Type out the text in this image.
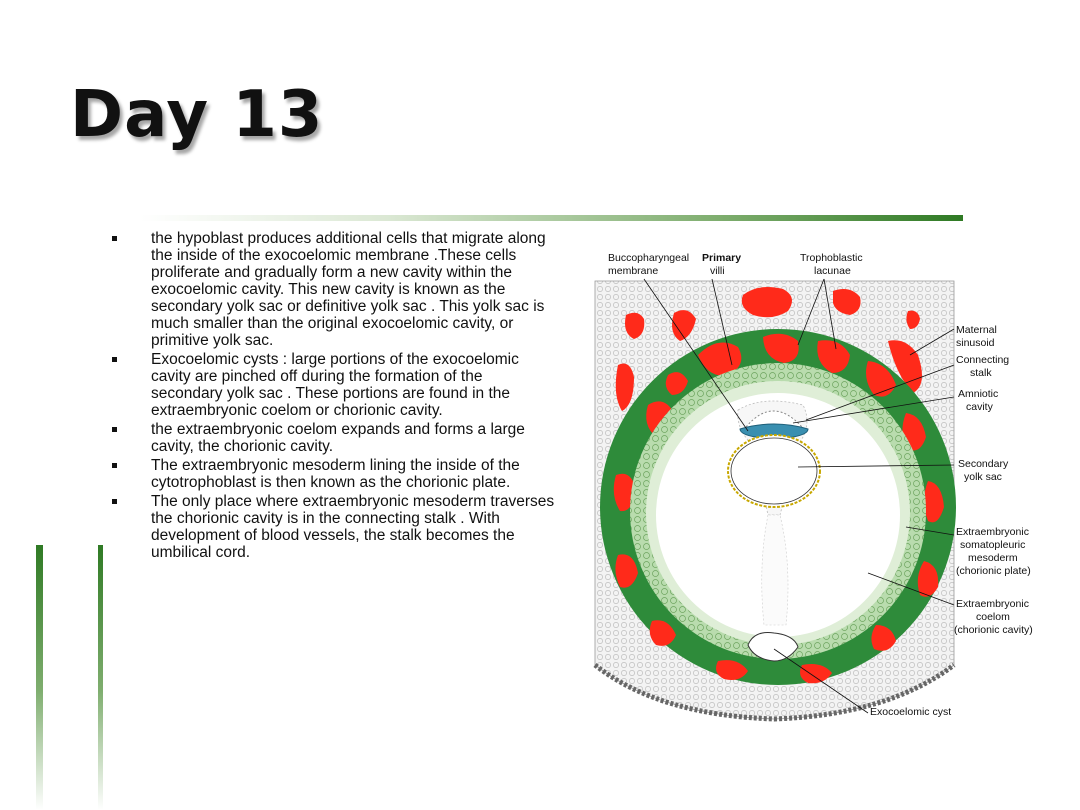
Day 13
the hypoblast produces additional cells that migrate along the inside of the exocoelomic membrane .These cells proliferate and gradually form a new cavity within the exocoelomic cavity. This new cavity is known as the secondary yolk sac or definitive yolk sac . This yolk sac is much smaller than the original exocoelomic cavity, or primitive yolk sac.
Exocoelomic cysts : large portions of the exocoelomic cavity are pinched off during the formation of the secondary yolk sac . These portions are found in the extraembryonic coelom or chorionic cavity.
the extraembryonic coelom expands and forms a large cavity, the chorionic cavity.
The extraembryonic mesoderm lining the inside of the cytotrophoblast is then known as the chorionic plate.
The only place where extraembryonic mesoderm traverses the chorionic cavity is in the connecting stalk . With development of blood vessels, the stalk becomes the umbilical cord.
Buccopharyngeal
membrane
Primary
villi
Trophoblastic
lacunae
Maternal
sinusoid
Connecting
stalk
Amniotic
cavity
Secondary
yolk sac
Extraembryonic
somatopleuric
mesoderm
(chorionic plate)
Extraembryonic
coelom
(chorionic cavity)
Exocoelomic cyst
